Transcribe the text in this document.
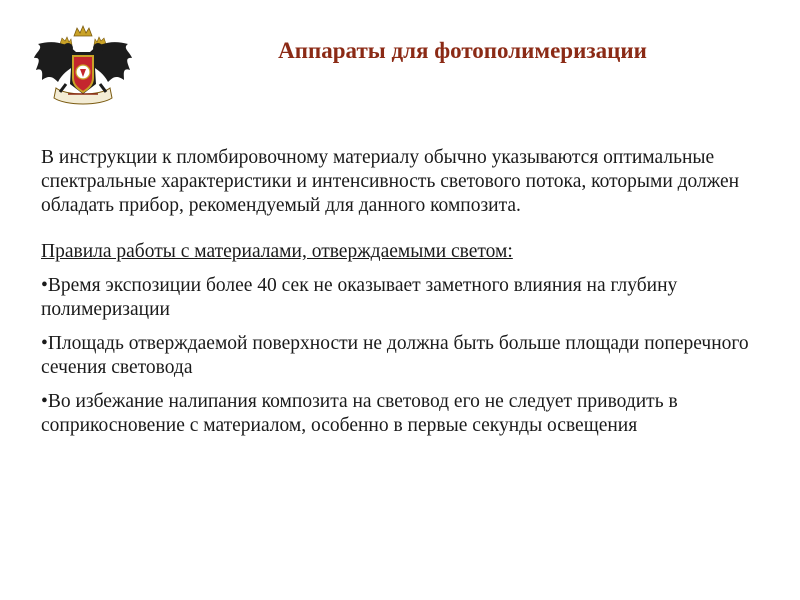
Аппараты для фотополимеризации

В инструкции к пломбировочному материалу обычно указываются оптимальные спектральные характеристики и интенсивность светового потока, которыми должен обладать прибор, рекомендуемый для данного композита.

Правила работы с материалами, отверждаемыми светом:

•Время экспозиции более 40 сек не оказывает заметного влияния на глубину полимеризации

•Площадь отверждаемой поверхности не должна быть больше площади поперечного сечения световода

•Во избежание налипания композита на световод его не следует приводить в соприкосновение с материалом, особенно в первые секунды освещения
